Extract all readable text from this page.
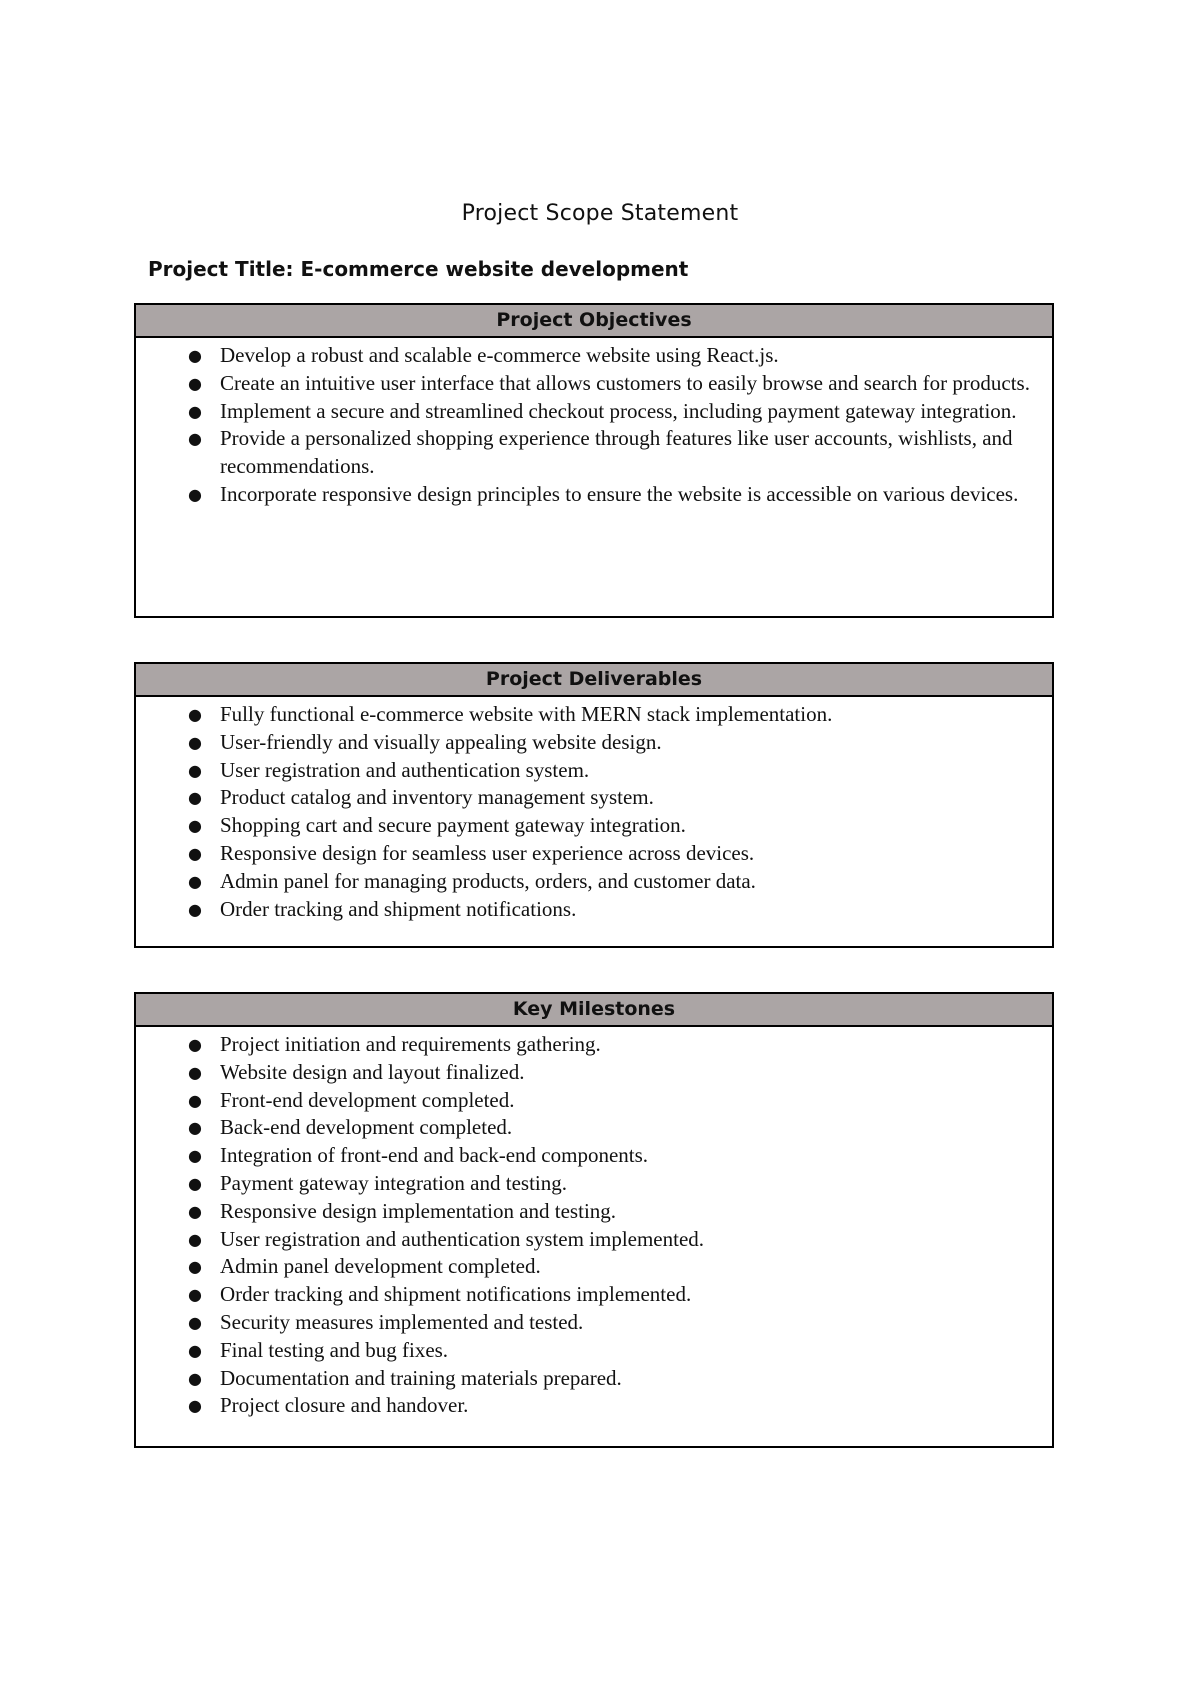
Project Scope Statement
Project Title: E-commerce website development
Project Objectives
● Develop a robust and scalable e-commerce website using React.js.
● Create an intuitive user interface that allows customers to easily browse and search for products.
● Implement a secure and streamlined checkout process, including payment gateway integration.
● Provide a personalized shopping experience through features like user accounts, wishlists, and recommendations.
● Incorporate responsive design principles to ensure the website is accessible on various devices.
Project Deliverables
● Fully functional e-commerce website with MERN stack implementation.
● User-friendly and visually appealing website design.
● User registration and authentication system.
● Product catalog and inventory management system.
● Shopping cart and secure payment gateway integration.
● Responsive design for seamless user experience across devices.
● Admin panel for managing products, orders, and customer data.
● Order tracking and shipment notifications.
Key Milestones
● Project initiation and requirements gathering.
● Website design and layout finalized.
● Front-end development completed.
● Back-end development completed.
● Integration of front-end and back-end components.
● Payment gateway integration and testing.
● Responsive design implementation and testing.
● User registration and authentication system implemented.
● Admin panel development completed.
● Order tracking and shipment notifications implemented.
● Security measures implemented and tested.
● Final testing and bug fixes.
● Documentation and training materials prepared.
● Project closure and handover.
